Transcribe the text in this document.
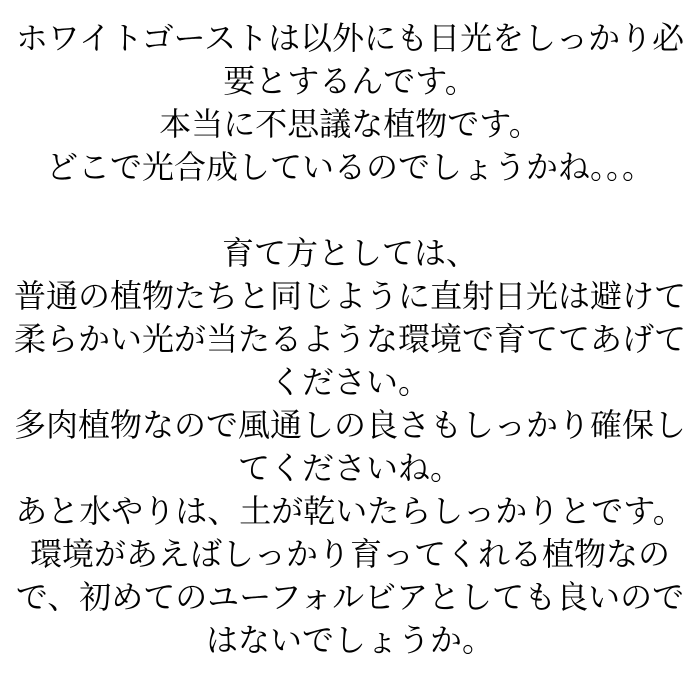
ホワイトゴーストは以外にも日光をしっかり必
要とするんです。
本当に不思議な植物です。
どこで光合成しているのでしょうかね。。。
育て方としては、
普通の植物たちと同じように直射日光は避けて
柔らかい光が当たるような環境で育ててあげて
ください。
多肉植物なので風通しの良さもしっかり確保し
てくださいね。
あと水やりは、土が乾いたらしっかりとです。
環境があえばしっかり育ってくれる植物なの
で、初めてのユーフォルビアとしても良いので
はないでしょうか。
